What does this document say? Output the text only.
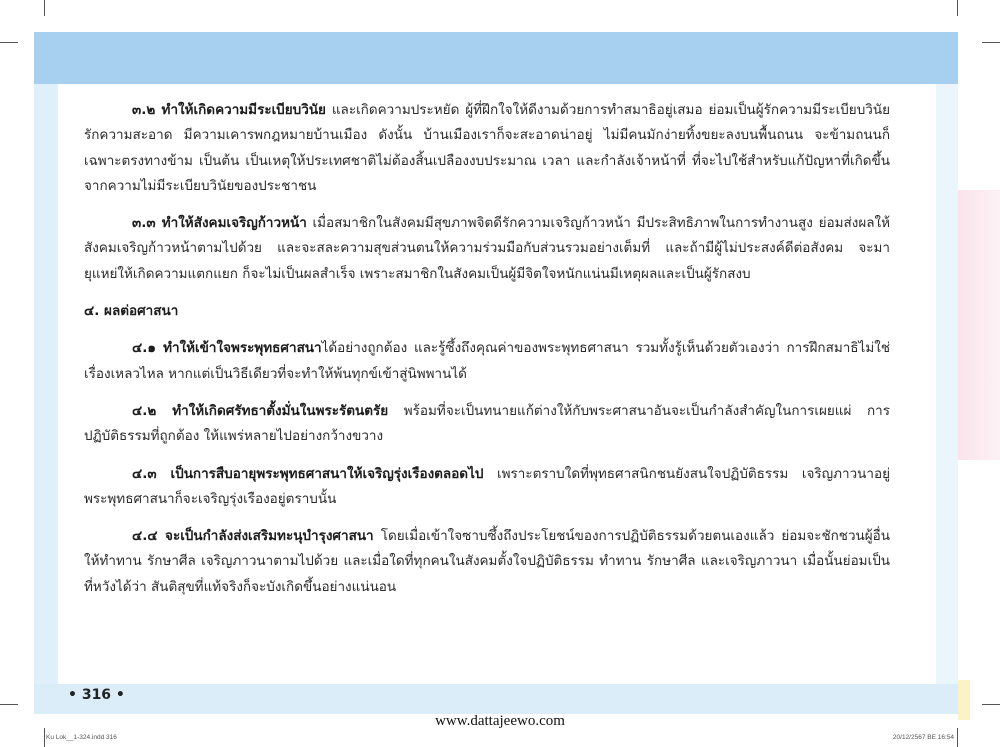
๓.๒ ทำให้เกิดความมีระเบียบวินัย และเกิดความประหยัด ผู้ที่ฝึกใจให้ดีงามด้วยการทำสมาธิอยู่เสมอ ย่อมเป็นผู้รักความมีระเบียบวินัย รักความสะอาด มีความเคารพกฎหมายบ้านเมือง ดังนั้น บ้านเมืองเราก็จะสะอาดน่าอยู่ ไม่มีคนมักง่ายทิ้งขยะลงบนพื้นถนน จะข้ามถนนก็เฉพาะตรงทางข้าม เป็นต้น เป็นเหตุให้ประเทศชาติไม่ต้องสิ้นเปลืองงบประมาณ เวลา และกำลังเจ้าหน้าที่ ที่จะไปใช้สำหรับแก้ปัญหาที่เกิดขึ้นจากความไม่มีระเบียบวินัยของประชาชน

๓.๓ ทำให้สังคมเจริญก้าวหน้า เมื่อสมาชิกในสังคมมีสุขภาพจิตดีรักความเจริญก้าวหน้า มีประสิทธิภาพในการทำงานสูง ย่อมส่งผลให้สังคมเจริญก้าวหน้าตามไปด้วย และจะสละความสุขส่วนตนให้ความร่วมมือกับส่วนรวมอย่างเต็มที่ และถ้ามีผู้ไม่ประสงค์ดีต่อสังคม จะมายุแหย่ให้เกิดความแตกแยก ก็จะไม่เป็นผลสำเร็จ เพราะสมาชิกในสังคมเป็นผู้มีจิตใจหนักแน่นมีเหตุผลและเป็นผู้รักสงบ

๔. ผลต่อศาสนา

๔.๑ ทำให้เข้าใจพระพุทธศาสนาได้อย่างถูกต้อง และรู้ซึ้งถึงคุณค่าของพระพุทธศาสนา รวมทั้งรู้เห็นด้วยตัวเองว่า การฝึกสมาธิไม่ใช่เรื่องเหลวไหล หากแต่เป็นวิธีเดียวที่จะทำให้พ้นทุกข์เข้าสู่นิพพานได้

๔.๒ ทำให้เกิดศรัทธาตั้งมั่นในพระรัตนตรัย พร้อมที่จะเป็นทนายแก้ต่างให้กับพระศาสนาอันจะเป็นกำลังสำคัญในการเผยแผ่ การปฏิบัติธรรมที่ถูกต้อง ให้แพร่หลายไปอย่างกว้างขวาง

๔.๓ เป็นการสืบอายุพระพุทธศาสนาให้เจริญรุ่งเรืองตลอดไป เพราะตราบใดที่พุทธศาสนิกชนยังสนใจปฏิบัติธรรม เจริญภาวนาอยู่ พระพุทธศาสนาก็จะเจริญรุ่งเรืองอยู่ตราบนั้น

๔.๔ จะเป็นกำลังส่งเสริมทะนุบำรุงศาสนา โดยเมื่อเข้าใจซาบซึ้งถึงประโยชน์ของการปฏิบัติธรรมด้วยตนเองแล้ว ย่อมจะชักชวนผู้อื่นให้ทำทาน รักษาศีล เจริญภาวนาตามไปด้วย และเมื่อใดที่ทุกคนในสังคมตั้งใจปฏิบัติธรรม ทำทาน รักษาศีล และเจริญภาวนา เมื่อนั้นย่อมเป็นที่หวังได้ว่า สันติสุขที่แท้จริงก็จะบังเกิดขึ้นอย่างแน่นอน

• 316 •
www.dattajeewo.com
Ku Lok__1-324.indd 316	20/12/2567 BE 16:54
